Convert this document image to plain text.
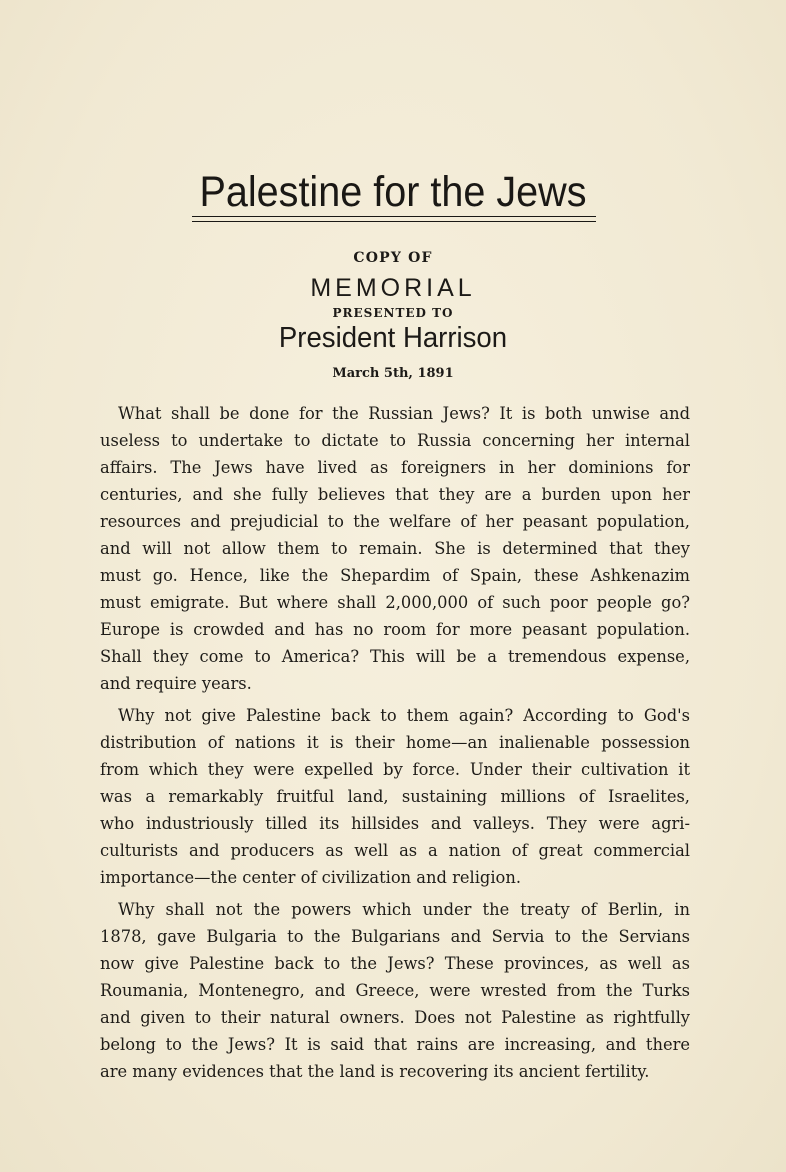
Palestine for the Jews
COPY OF
MEMORIAL
PRESENTED TO
President Harrison
March 5th, 1891
What shall be done for the Russian Jews? It is both unwise and
useless to undertake to dictate to Russia concerning her internal
affairs. The Jews have lived as foreigners in her dominions for
centuries, and she fully believes that they are a burden upon her
resources and prejudicial to the welfare of her peasant population,
and will not allow them to remain. She is determined that they
must go. Hence, like the Shepardim of Spain, these Ashkenazim
must emigrate. But where shall 2,000,000 of such poor people go?
Europe is crowded and has no room for more peasant population.
Shall they come to America? This will be a tremendous expense,
and require years.
Why not give Palestine back to them again? According to God's
distribution of nations it is their home—an inalienable possession
from which they were expelled by force. Under their cultivation it
was a remarkably fruitful land, sustaining millions of Israelites,
who industriously tilled its hillsides and valleys. They were agri-
culturists and producers as well as a nation of great commercial
importance—the center of civilization and religion.
Why shall not the powers which under the treaty of Berlin, in
1878, gave Bulgaria to the Bulgarians and Servia to the Servians
now give Palestine back to the Jews? These provinces, as well as
Roumania, Montenegro, and Greece, were wrested from the Turks
and given to their natural owners. Does not Palestine as rightfully
belong to the Jews? It is said that rains are increasing, and there
are many evidences that the land is recovering its ancient fertility.
